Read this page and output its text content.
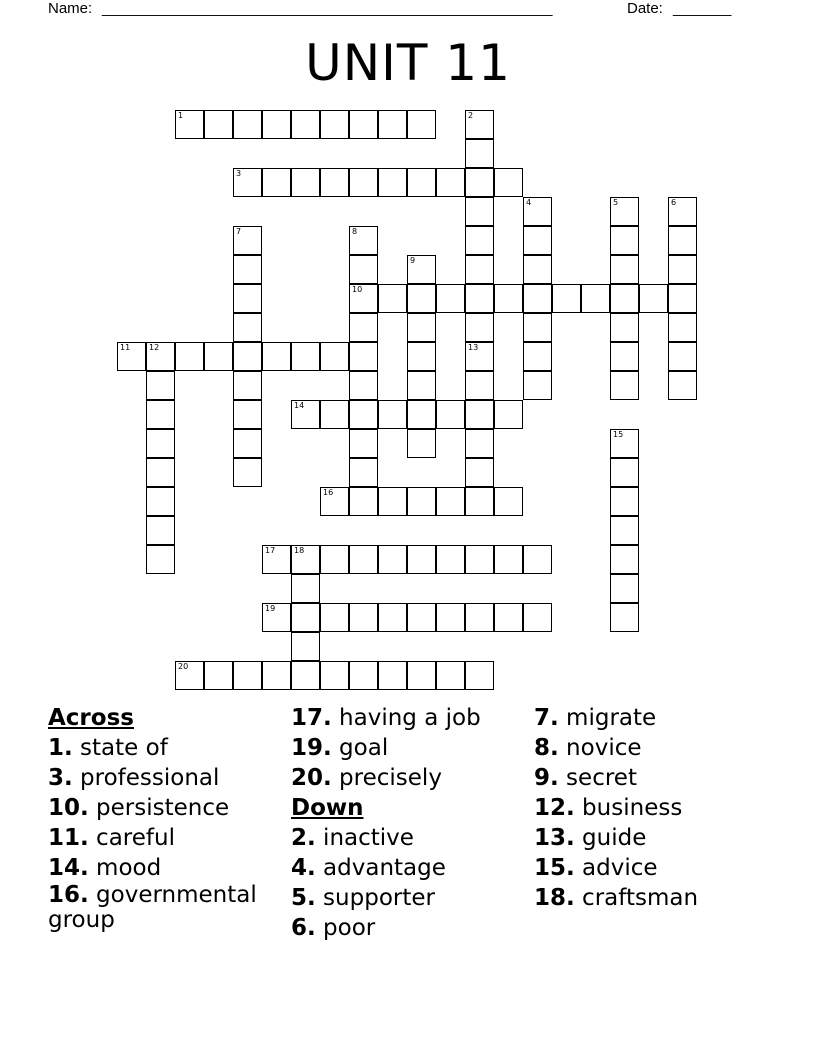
Name: ______________________________________________________	Date: _______
UNIT 11
1	2
13
3
4	5	6
7	8
10
9
11 12
14
15
16
17 18
19
20
Across
1. state of
3. professional
10. persistence
11. careful
14. mood
16. governmental group
17. having a job
19. goal
20. precisely
Down
2. inactive
4. advantage
5. supporter
6. poor
7. migrate
8. novice
9. secret
12. business
13. guide
15. advice
18. craftsman
